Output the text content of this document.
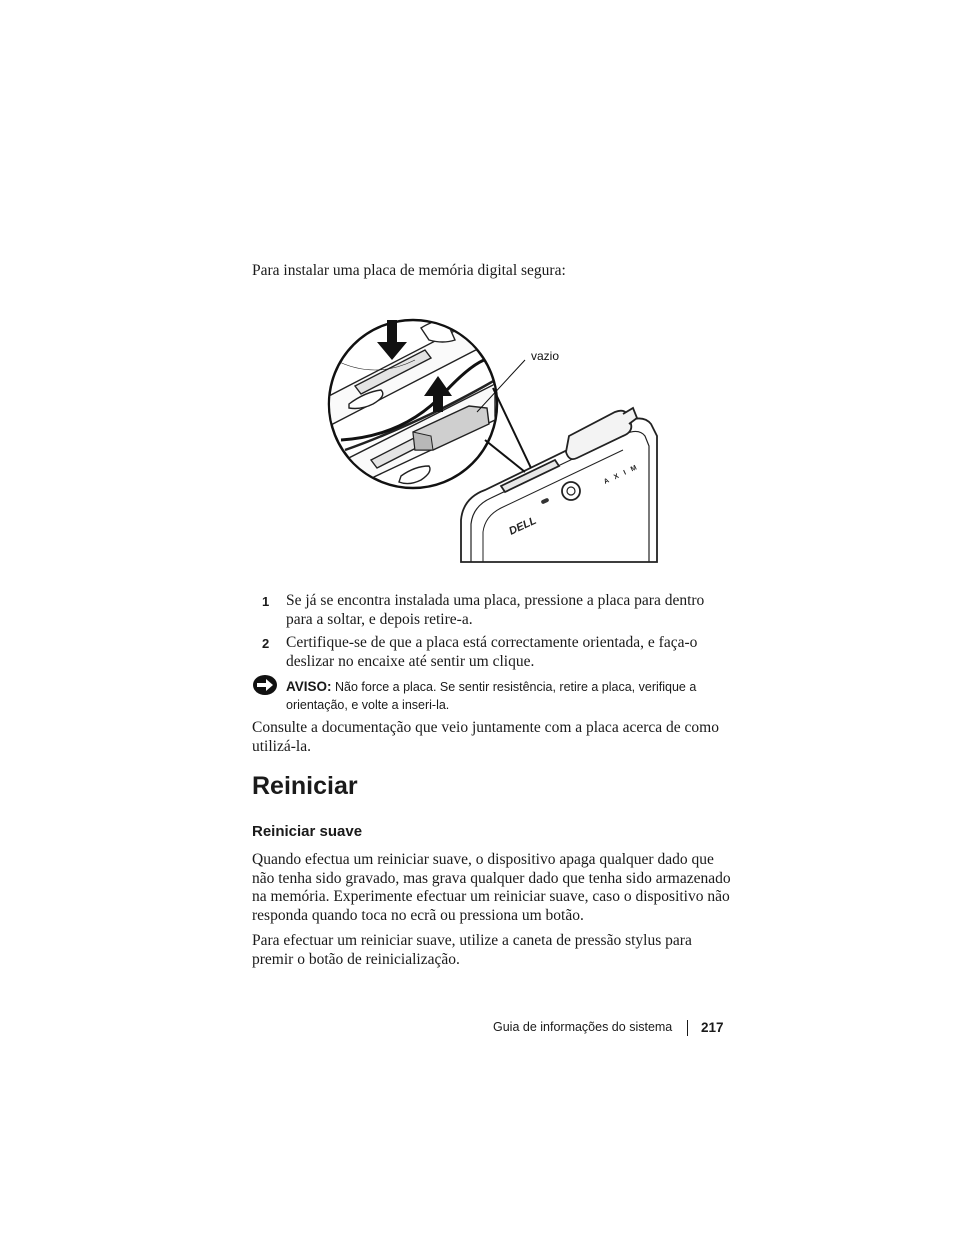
Para instalar uma placa de memória digital segura:

DELL
AXIM
vazio
1 Se já se encontra instalada uma placa, pressione a placa para dentro para a soltar, e depois retire-a.
2 Certifique-se de que a placa está correctamente orientada, e faça-o deslizar no encaixe até sentir um clique.
AVISO: Não force a placa. Se sentir resistência, retire a placa, verifique a orientação, e volte a inseri-la.

Consulte a documentação que veio juntamente com a placa acerca de como utilizá-la.

Reiniciar
Reiniciar suave

Quando efectua um reiniciar suave, o dispositivo apaga qualquer dado que não tenha sido gravado, mas grava qualquer dado que tenha sido armazenado na memória. Experimente efectuar um reiniciar suave, caso o dispositivo não responda quando toca no ecrã ou pressiona um botão.

Para efectuar um reiniciar suave, utilize a caneta de pressão stylus para premir o botão de reinicialização.

Guia de informações do sistema 217
